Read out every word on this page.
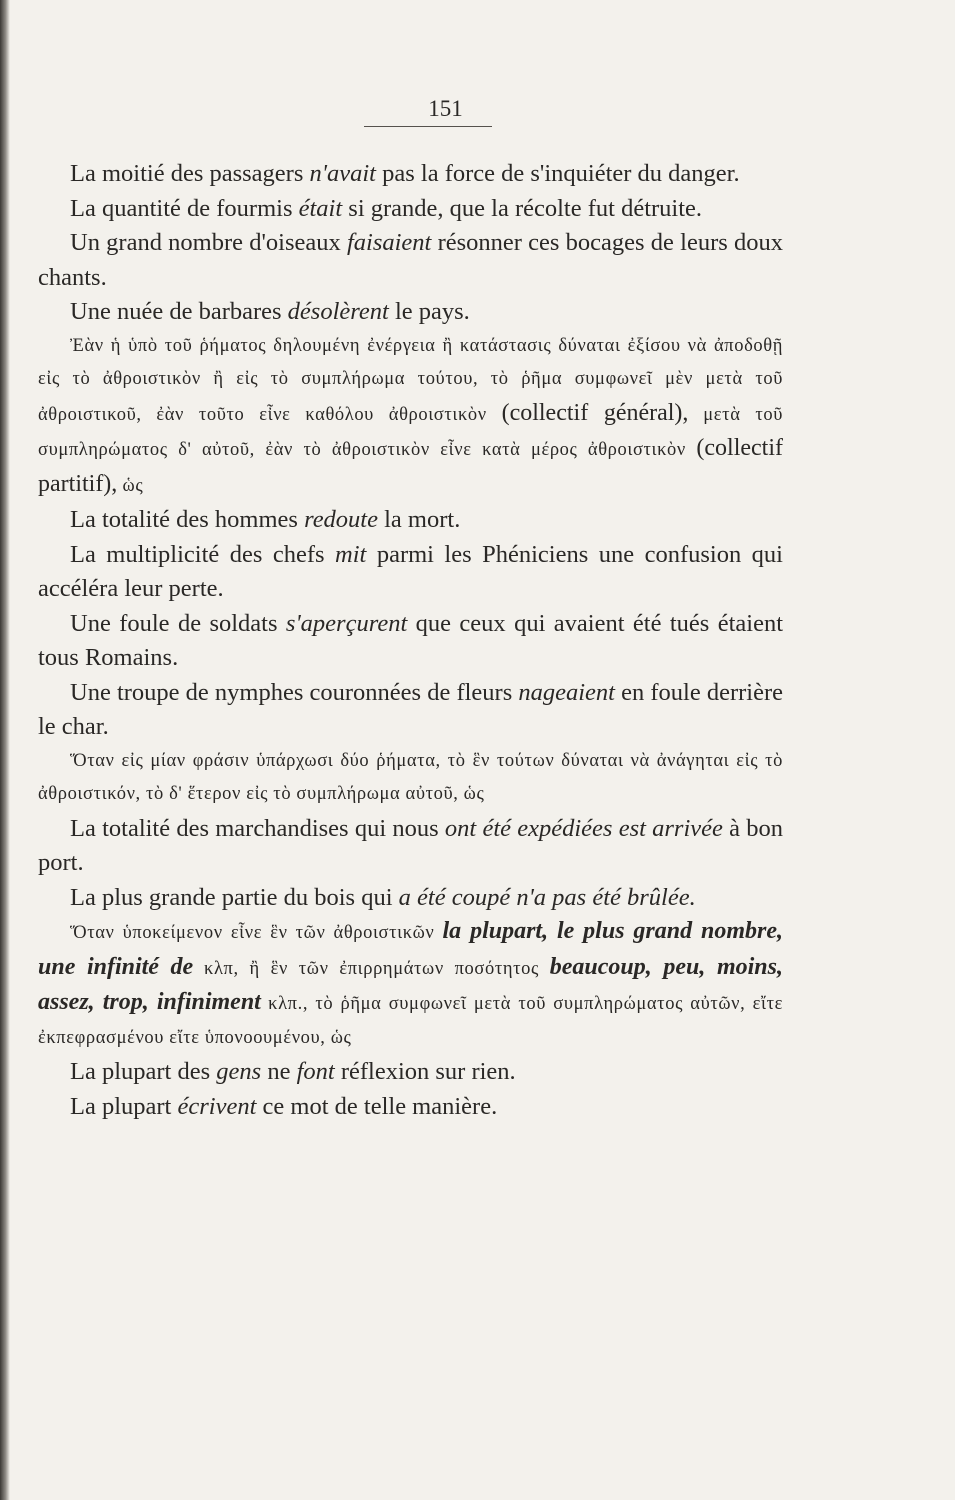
151

La moitié des passagers n'avait pas la force de s'inquiéter du danger.

La quantité de fourmis était si grande, que la récolte fut détruite.

Un grand nombre d'oiseaux faisaient résonner ces bocages de leurs doux chants.

Une nuée de barbares désolèrent le pays.

Ἐὰν ἡ ὑπὸ τοῦ ῥήματος δηλουμένη ἐνέργεια ἢ κατάστασις δύναται ἐξίσου νὰ ἀποδοθῇ εἰς τὸ ἀθροιστικὸν ἢ εἰς τὸ συμπλήρωμα τούτου, τὸ ῥῆμα συμφωνεῖ μὲν μετὰ τοῦ ἀθροιστικοῦ, ἐὰν τοῦτο εἶνε καθόλου ἀθροιστικὸν (collectif général), μετὰ τοῦ συμπληρώματος δ' αὐτοῦ, ἐὰν τὸ ἀθροιστικὸν εἶνε κατὰ μέρος ἀθροιστικὸν (collectif partitif), ὡς

La totalité des hommes redoute la mort.

La multiplicité des chefs mit parmi les Phéniciens une confusion qui accéléra leur perte.

Une foule de soldats s'aperçurent que ceux qui avaient été tués étaient tous Romains.

Une troupe de nymphes couronnées de fleurs nageaient en foule derrière le char.

Ὅταν εἰς μίαν φράσιν ὑπάρχωσι δύο ῥήματα, τὸ ἓν τούτων δύναται νὰ ἀνάγηται εἰς τὸ ἀθροιστικόν, τὸ δ' ἕτερον εἰς τὸ συμπλήρωμα αὐτοῦ, ὡς

La totalité des marchandises qui nous ont été expédiées est arrivée à bon port.

La plus grande partie du bois qui a été coupé n'a pas été brûlée.

Ὅταν ὑποκείμενον εἶνε ἓν τῶν ἀθροιστικῶν la plupart, le plus grand nombre, une infinité de κλπ, ἢ ἓν τῶν ἐπιρρημάτων ποσότητος beaucoup, peu, moins, assez, trop, infiniment κλπ., τὸ ῥῆμα συμφωνεῖ μετὰ τοῦ συμπληρώματος αὐτῶν, εἴτε ἐκπεφρασμένου εἴτε ὑπονοουμένου, ὡς

La plupart des gens ne font réflexion sur rien.

La plupart écrivent ce mot de telle manière.
